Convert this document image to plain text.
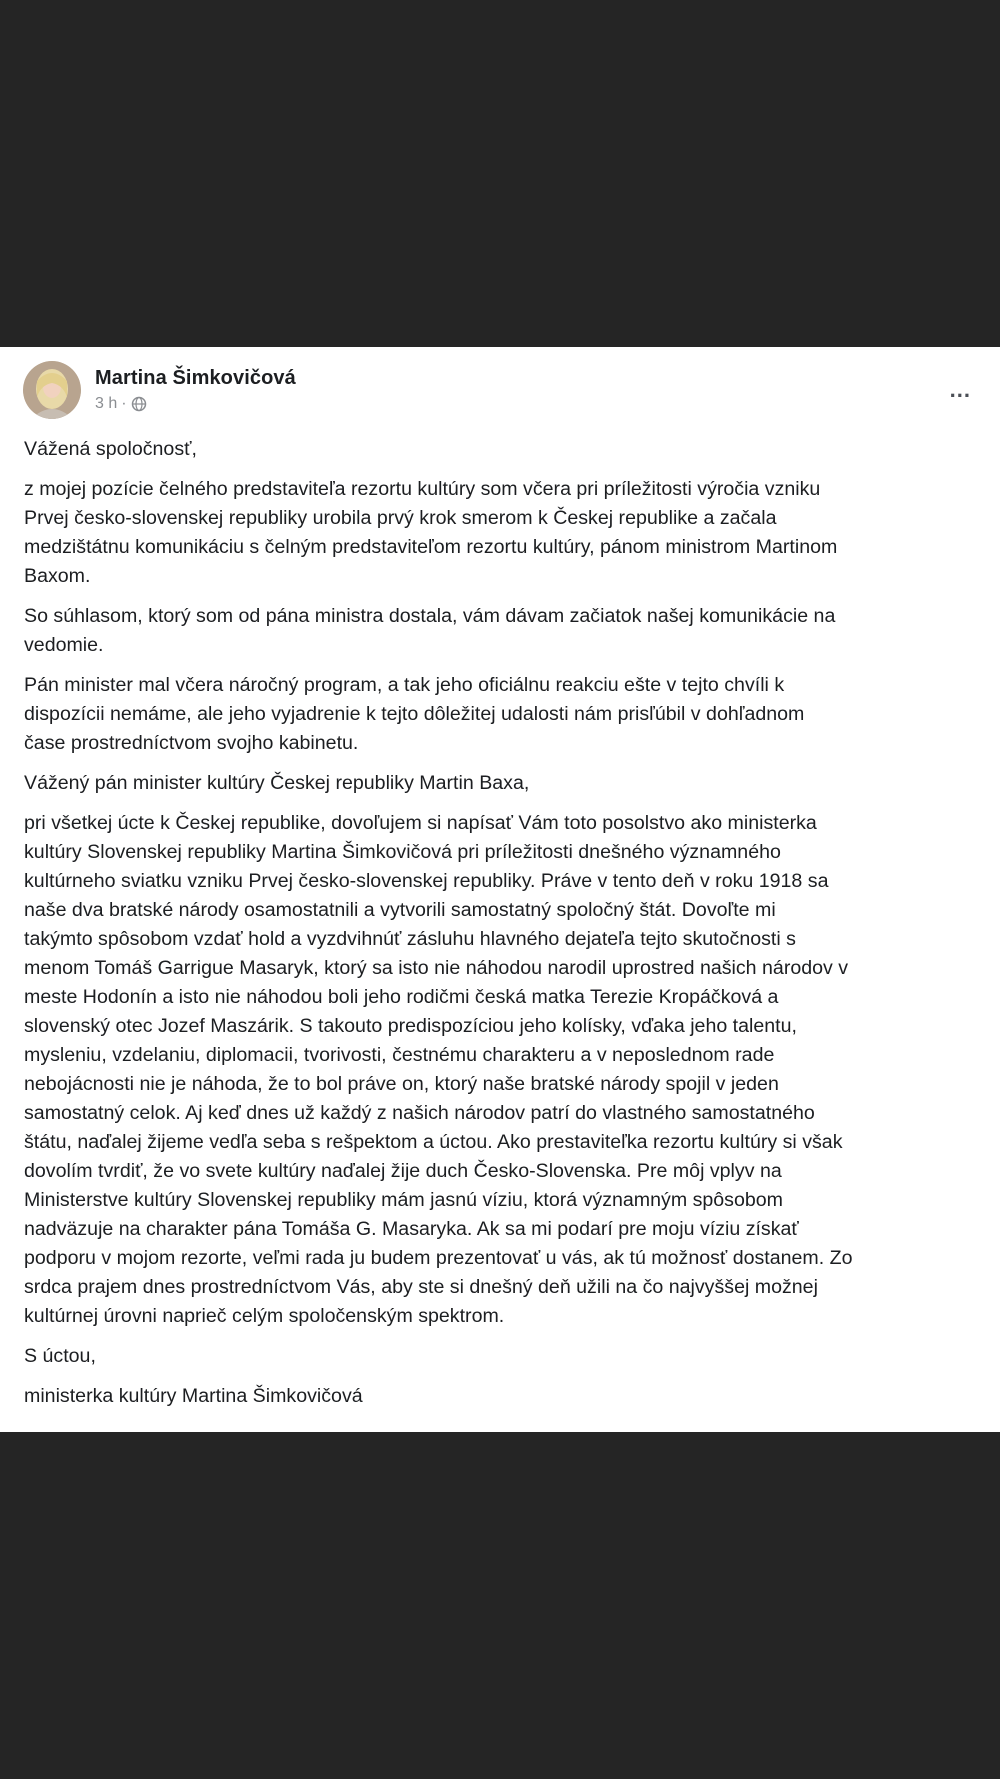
Martina Šimkovičová
3 h ·
...

Vážená spoločnosť,

z mojej pozície čelného predstaviteľa rezortu kultúry som včera pri príležitosti výročia vzniku
Prvej česko-slovenskej republiky urobila prvý krok smerom k Českej republike a začala
medzištátnu komunikáciu s čelným predstaviteľom rezortu kultúry, pánom ministrom Martinom
Baxom.

So súhlasom, ktorý som od pána ministra dostala, vám dávam začiatok našej komunikácie na
vedomie.

Pán minister mal včera náročný program, a tak jeho oficiálnu reakciu ešte v tejto chvíli k
dispozícii nemáme, ale jeho vyjadrenie k tejto dôležitej udalosti nám prisľúbil v dohľadnom
čase prostredníctvom svojho kabinetu.

Vážený pán minister kultúry Českej republiky Martin Baxa,

pri všetkej úcte k Českej republike, dovoľujem si napísať Vám toto posolstvo ako ministerka
kultúry Slovenskej republiky Martina Šimkovičová pri príležitosti dnešného významného
kultúrneho sviatku vzniku Prvej česko-slovenskej republiky. Práve v tento deň v roku 1918 sa
naše dva bratské národy osamostatnili a vytvorili samostatný spoločný štát. Dovoľte mi
takýmto spôsobom vzdať hold a vyzdvihnúť zásluhu hlavného dejateľa tejto skutočnosti s
menom Tomáš Garrigue Masaryk, ktorý sa isto nie náhodou narodil uprostred našich národov v
meste Hodonín a isto nie náhodou boli jeho rodičmi česká matka Terezie Kropáčková a
slovenský otec Jozef Maszárik. S takouto predispozíciou jeho kolísky, vďaka jeho talentu,
mysleniu, vzdelaniu, diplomacii, tvorivosti, čestnému charakteru a v neposlednom rade
nebojácnosti nie je náhoda, že to bol práve on, ktorý naše bratské národy spojil v jeden
samostatný celok. Aj keď dnes už každý z našich národov patrí do vlastného samostatného
štátu, naďalej žijeme vedľa seba s rešpektom a úctou. Ako prestaviteľka rezortu kultúry si však
dovolím tvrdiť, že vo svete kultúry naďalej žije duch Česko-Slovenska. Pre môj vplyv na
Ministerstve kultúry Slovenskej republiky mám jasnú víziu, ktorá významným spôsobom
nadväzuje na charakter pána Tomáša G. Masaryka. Ak sa mi podarí pre moju víziu získať
podporu v mojom rezorte, veľmi rada ju budem prezentovať u vás, ak tú možnosť dostanem. Zo
srdca prajem dnes prostredníctvom Vás, aby ste si dnešný deň užili na čo najvyššej možnej
kultúrnej úrovni naprieč celým spoločenským spektrom.

S úctou,

ministerka kultúry Martina Šimkovičová
